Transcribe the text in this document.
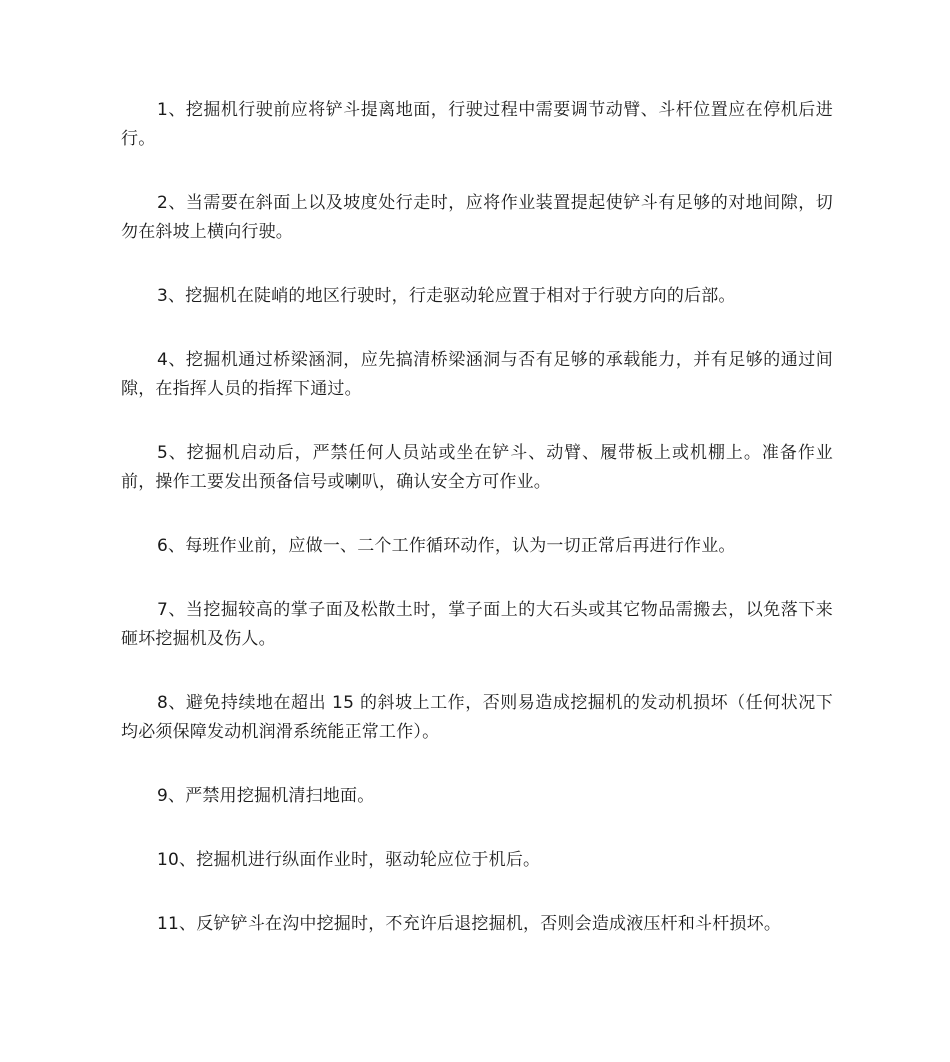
1、挖掘机行驶前应将铲斗提离地面，行驶过程中需要调节动臂、斗杆位置应在停机后进行。

2、当需要在斜面上以及坡度处行走时，应将作业装置提起使铲斗有足够的对地间隙，切勿在斜坡上横向行驶。

3、挖掘机在陡峭的地区行驶时，行走驱动轮应置于相对于行驶方向的后部。

4、挖掘机通过桥梁涵洞，应先搞清桥梁涵洞与否有足够的承载能力，并有足够的通过间隙，在指挥人员的指挥下通过。

5、挖掘机启动后，严禁任何人员站或坐在铲斗、动臂、履带板上或机棚上。准备作业前，操作工要发出预备信号或喇叭，确认安全方可作业。

6、每班作业前，应做一、二个工作循环动作，认为一切正常后再进行作业。

7、当挖掘较高的掌子面及松散土时，掌子面上的大石头或其它物品需搬去，以免落下来砸坏挖掘机及伤人。

8、避免持续地在超出 15 的斜坡上工作，否则易造成挖掘机的发动机损坏（任何状况下均必须保障发动机润滑系统能正常工作）。

9、严禁用挖掘机清扫地面。

10、挖掘机进行纵面作业时，驱动轮应位于机后。

11、反铲铲斗在沟中挖掘时，不充许后退挖掘机，否则会造成液压杆和斗杆损坏。
